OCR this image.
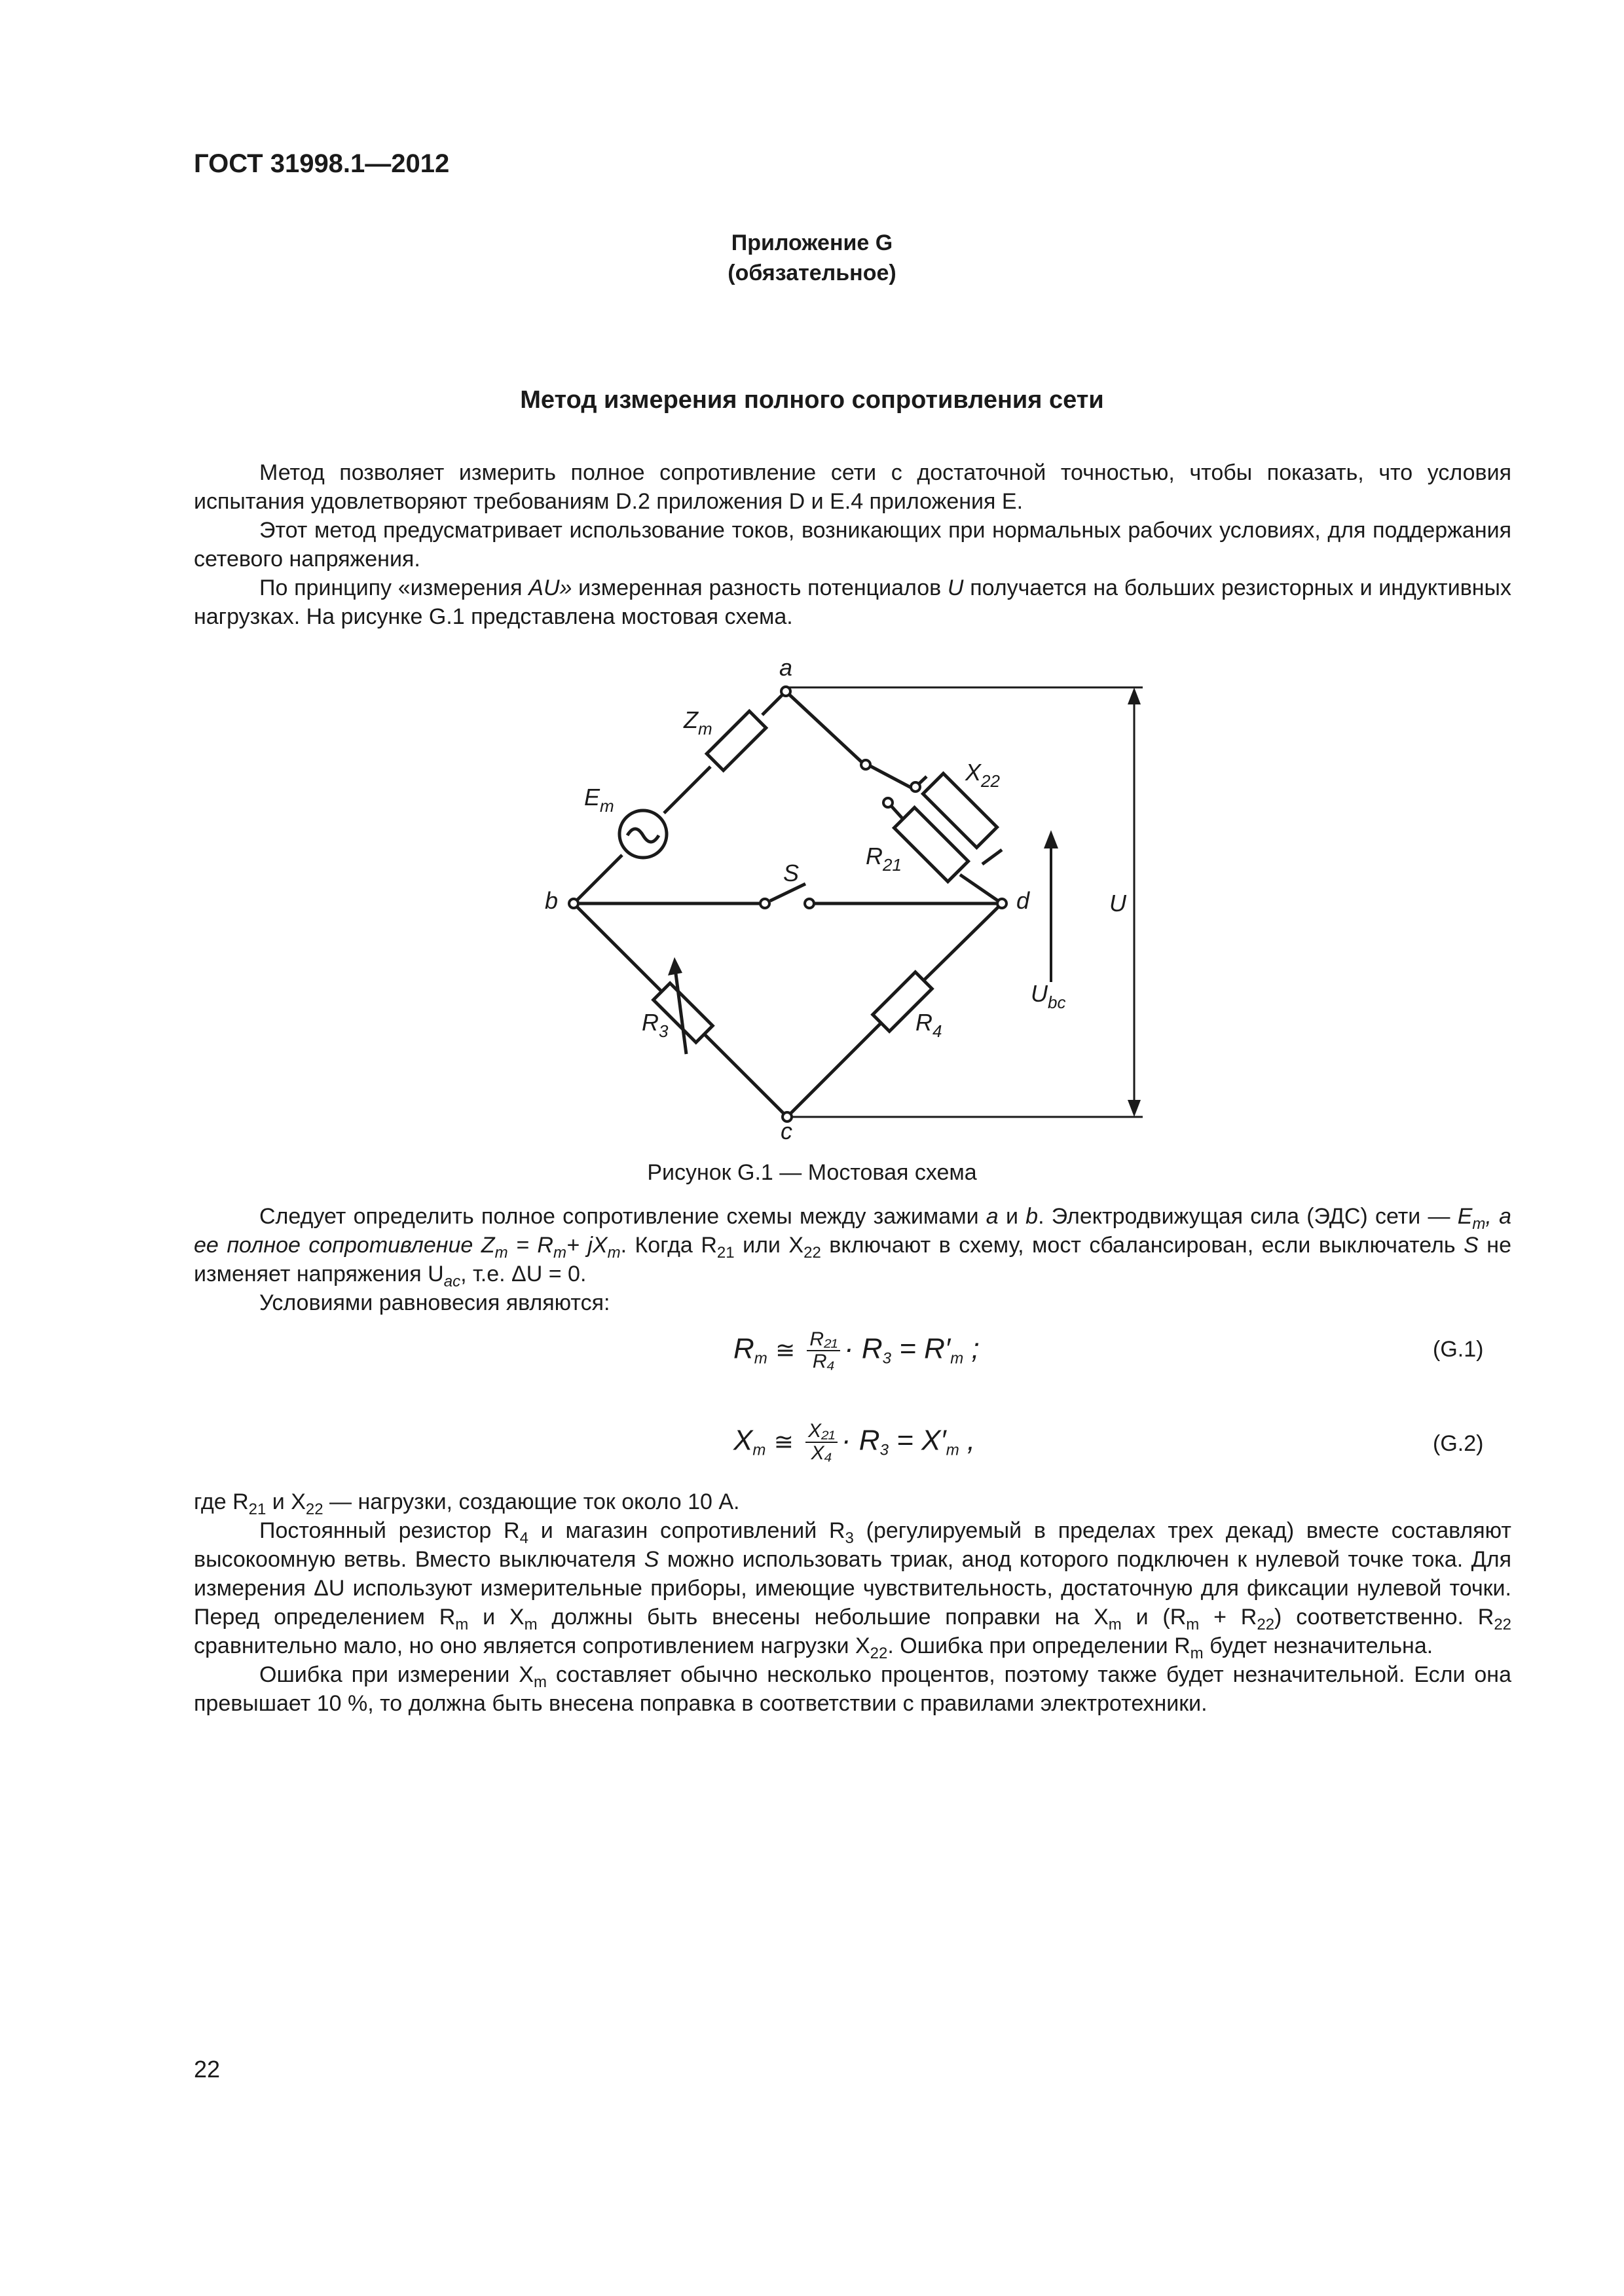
ГОСТ 31998.1—2012
Приложение G
(обязательное)
Метод измерения полного сопротивления сети

Метод позволяет измерить полное сопротивление сети с достаточной точностью, чтобы показать, что условия испытания удовлетворяют требованиям D.2 приложения D и E.4 приложения E.

Этот метод предусматривает использование токов, возникающих при нормальных рабочих условиях, для поддержания сетевого напряжения.

По принципу «измерения AU» измеренная разность потенциалов U получается на больших резисторных и индуктивных нагрузках. На рисунке G.1 представлена мостовая схема.

a
b	d
c
$Z_m$
$E_m$
$X_{22}$
$R_{21}$
S
$R_3$	$R_4$
$U_{bc}$
U
Рисунок G.1 — Мостовая схема

Следует определить полное сопротивление схемы между зажимами a и b. Электродвижущая сила (ЭДС) сети — $E_m$, а ее полное сопротивление $Z_m = R_m+ jX_m$. Когда $R_{21}$ или $X_{22}$ включают в схему, мост сбалансирован, если выключатель S не изменяет напряжения $U_{ac}$, т.е. ΔU = 0.

Условиями равновесия являются:

$R_m$ ≅ $\frac{\text{R₂₁}}{\text{R₄}} \cdot R_3 = R'_m$ ;	(G.1)
$X_m$ ≅ $\frac{\text{X₂₁}}{\text{X₄}} \cdot R_3 = X'_m$ ,	(G.2)

где $R_{21}$ и $X_{22}$ — нагрузки, создающие ток около 10 А.

Постоянный резистор $R_4$ и магазин сопротивлений $R_3$ (регулируемый в пределах трех декад) вместе составляют высокоомную ветвь. Вместо выключателя S можно использовать триак, анод которого подключен к нулевой точке тока. Для измерения ΔU используют измерительные приборы, имеющие чувствительность, достаточную для фиксации нулевой точки. Перед определением $R_m$ и $X_m$ должны быть внесены небольшие поправки на $X_m$ и $(R_m + R_{22})$ соответственно. $R_{22}$ сравнительно мало, но оно является сопротивлением нагрузки $X_{22}$. Ошибка при определении $R_m$ будет незначительна.

Ошибка при измерении $X_m$ составляет обычно несколько процентов, поэтому также будет незначительной. Если она превышает 10 %, то должна быть внесена поправка в соответствии с правилами электротехники.

22
